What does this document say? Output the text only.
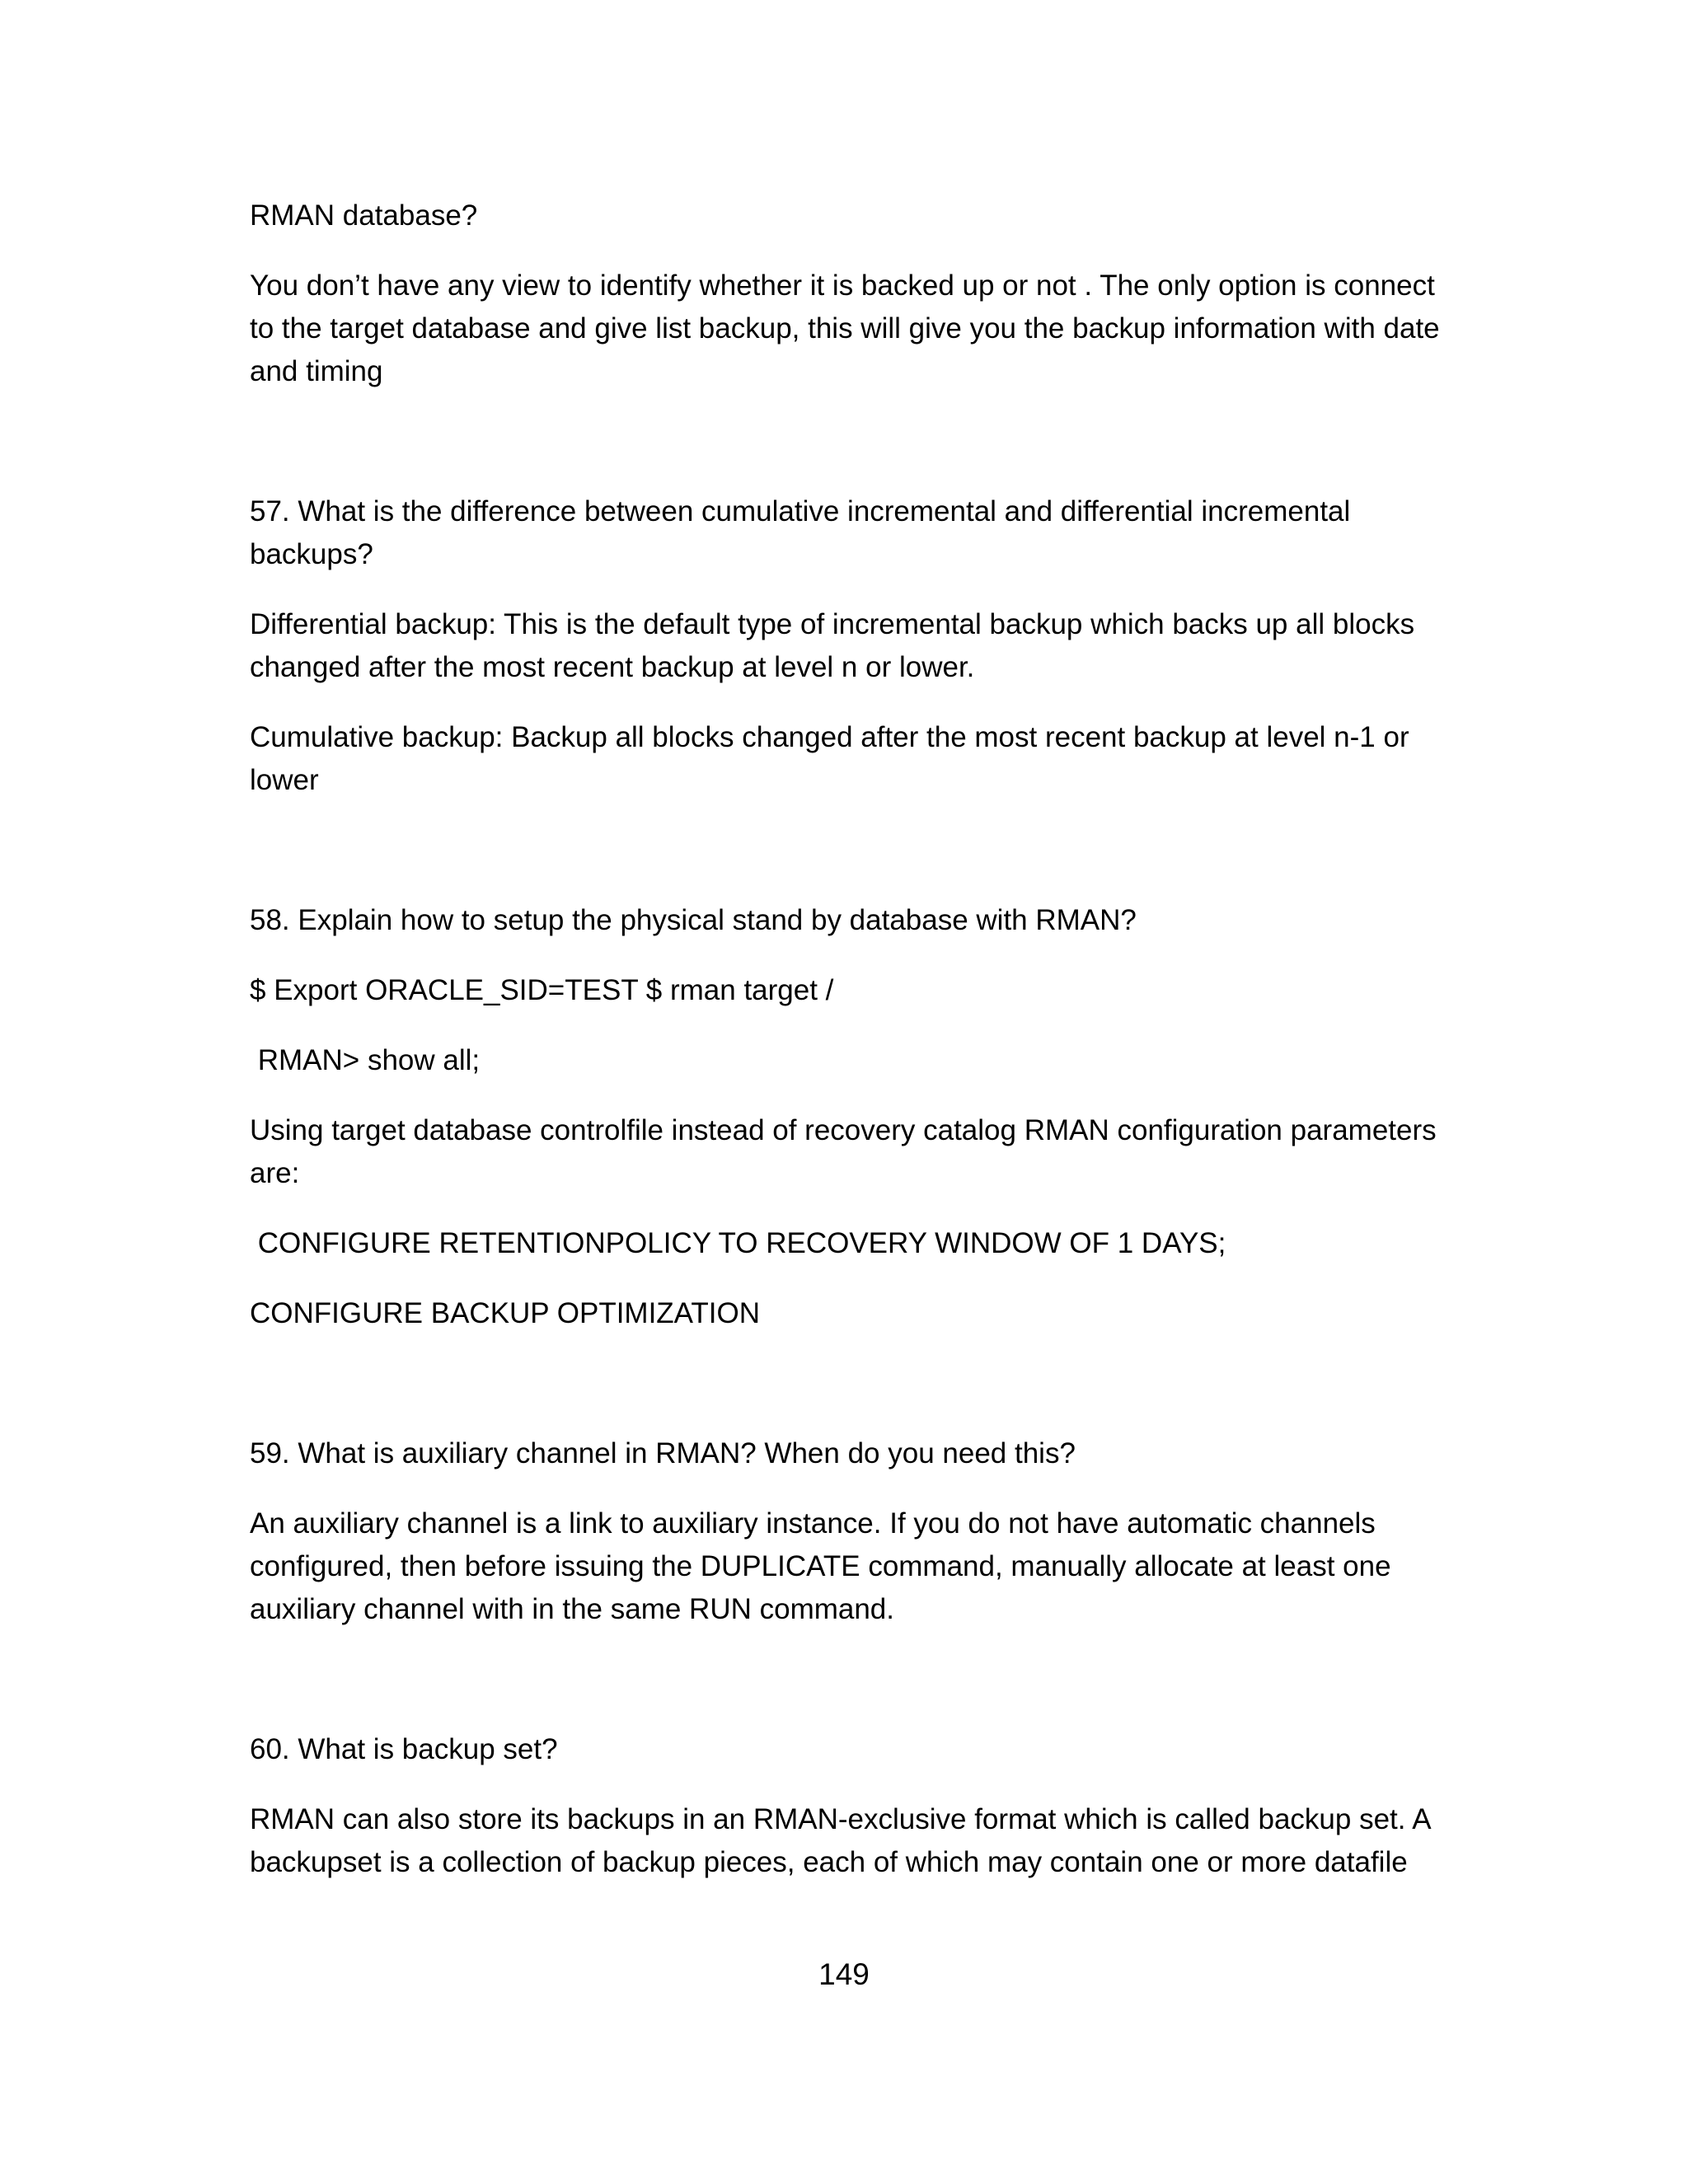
RMAN database?

You don’t have any view to identify whether it is backed up or not . The only option is connect to the target database and give list backup, this will give you the backup information with date and timing

57. What is the difference between cumulative incremental and differential incremental backups?

Differential backup: This is the default type of incremental backup which backs up all blocks changed after the most recent backup at level n or lower.

Cumulative backup: Backup all blocks changed after the most recent backup at level n-1 or lower

58. Explain how to setup the physical stand by database with RMAN?

$ Export ORACLE_SID=TEST $ rman target /

RMAN> show all;

Using target database controlfile instead of recovery catalog RMAN configuration parameters are:

CONFIGURE RETENTIONPOLICY TO RECOVERY WINDOW OF 1 DAYS;

CONFIGURE BACKUP OPTIMIZATION

59. What is auxiliary channel in RMAN? When do you need this?

An auxiliary channel is a link to auxiliary instance. If you do not have automatic channels configured, then before issuing the DUPLICATE command, manually allocate at least one auxiliary channel with in the same RUN command.

60. What is backup set?

RMAN can also store its backups in an RMAN-exclusive format which is called backup set. A backupset is a collection of backup pieces, each of which may contain one or more datafile

149
